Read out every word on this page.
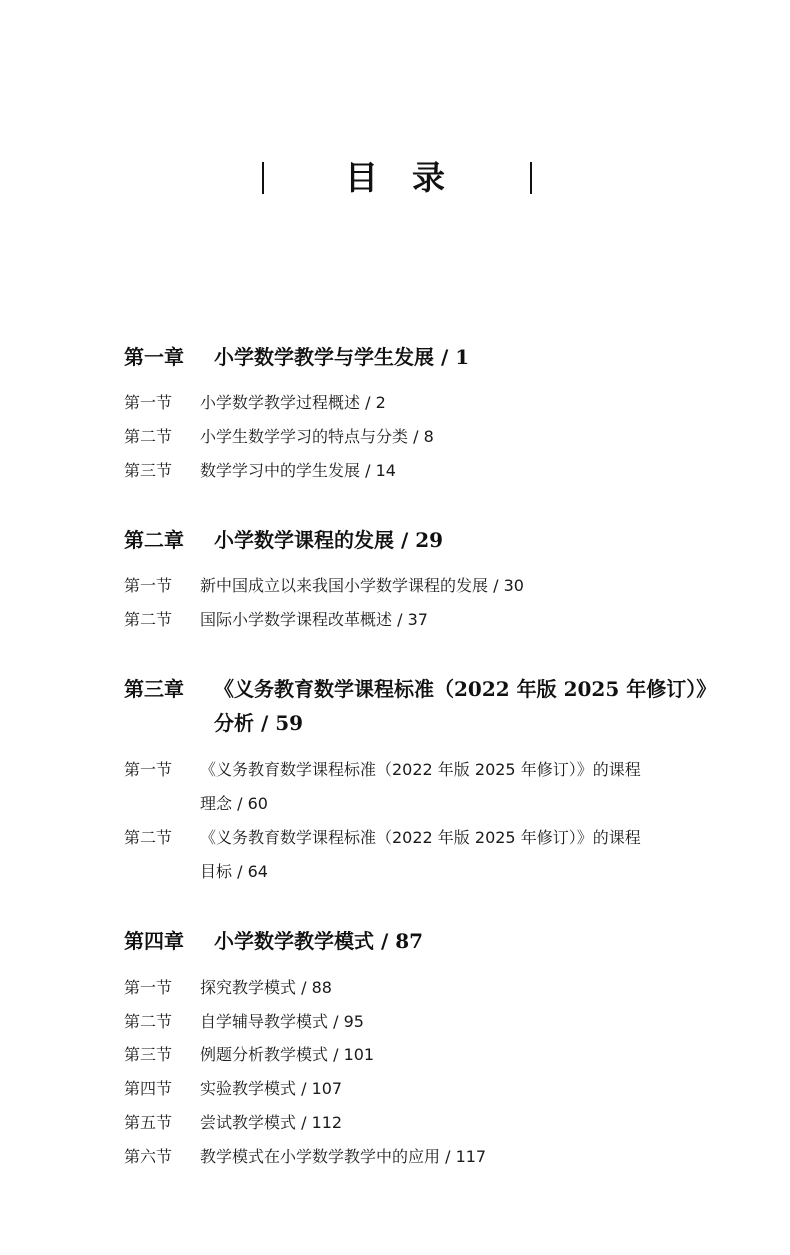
目录
第一章 小学数学教学与学生发展 / 1
第一节 小学数学教学过程概述 / 2
第二节 小学生数学学习的特点与分类 / 8
第三节 数学学习中的学生发展 / 14
第二章 小学数学课程的发展 / 29
第一节 新中国成立以来我国小学数学课程的发展 / 30
第二节 国际小学数学课程改革概述 / 37
第三章 《义务教育数学课程标准（2022 年版 2025 年修订）》
分析 / 59
第一节 《义务教育数学课程标准（2022 年版 2025 年修订）》的课程
理念 / 60
第二节 《义务教育数学课程标准（2022 年版 2025 年修订）》的课程
目标 / 64
第四章 小学数学教学模式 / 87
第一节 探究教学模式 / 88
第二节 自学辅导教学模式 / 95
第三节 例题分析教学模式 / 101
第四节 实验教学模式 / 107
第五节 尝试教学模式 / 112
第六节 教学模式在小学数学教学中的应用 / 117
